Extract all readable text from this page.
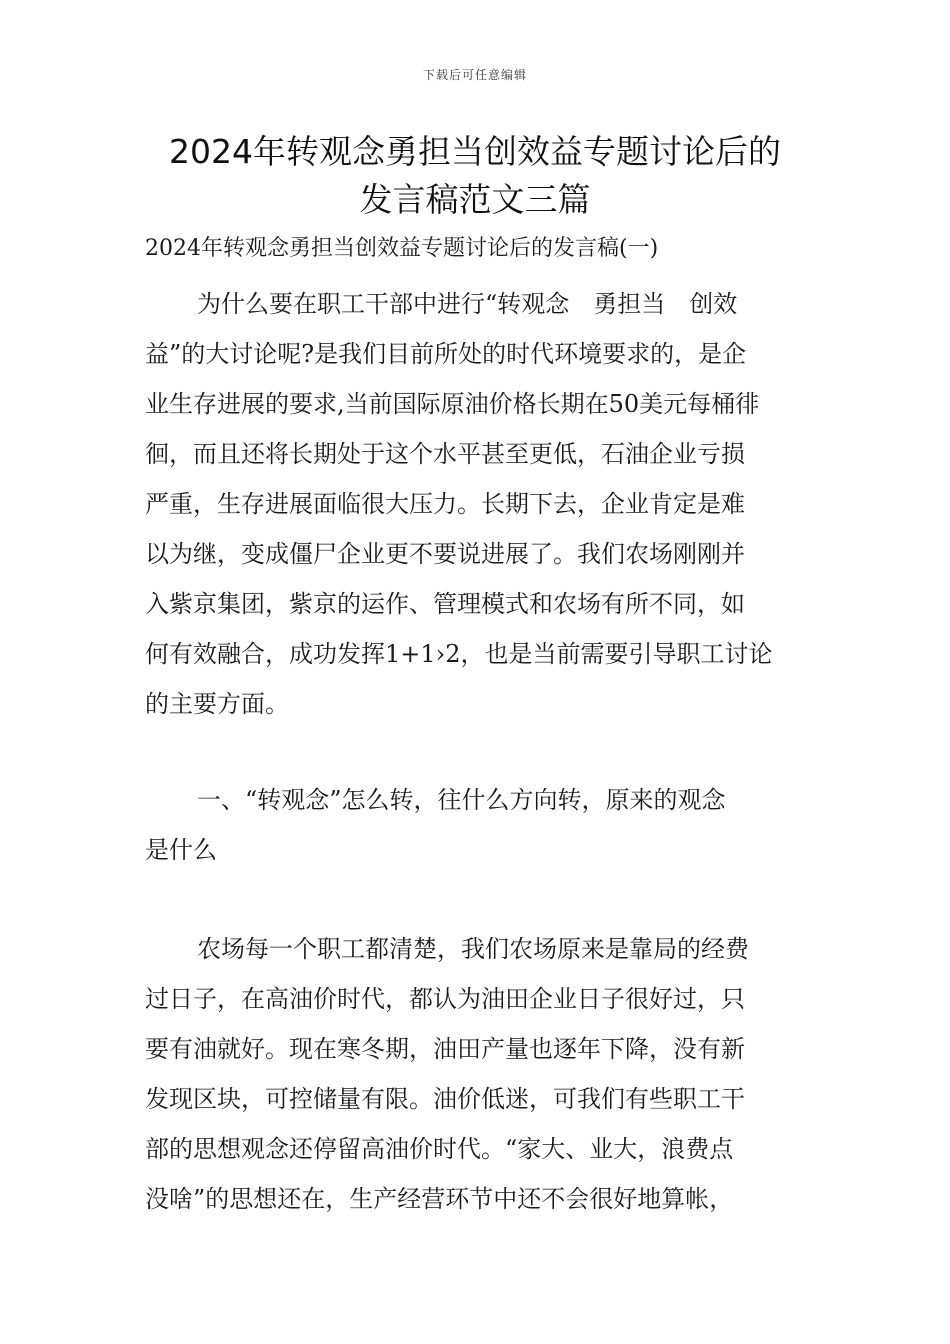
下载后可任意编辑
2024年转观念勇担当创效益专题讨论后的
发言稿范文三篇

2024年转观念勇担当创效益专题讨论后的发言稿(一)

为什么要在职工干部中进行“转观念　勇担当　创效
益”的大讨论呢?是我们目前所处的时代环境要求的，是企
业生存进展的要求,当前国际原油价格长期在50美元每桶徘
徊，而且还将长期处于这个水平甚至更低，石油企业亏损
严重，生存进展面临很大压力。长期下去，企业肯定是难
以为继，变成僵尸企业更不要说进展了。我们农场刚刚并
入紫京集团，紫京的运作、管理模式和农场有所不同，如
何有效融合，成功发挥1+1›2，也是当前需要引导职工讨论
的主要方面。
一、“转观念”怎么转，往什么方向转，原来的观念
是什么
农场每一个职工都清楚，我们农场原来是靠局的经费
过日子，在高油价时代，都认为油田企业日子很好过，只
要有油就好。现在寒冬期，油田产量也逐年下降，没有新
发现区块，可控储量有限。油价低迷，可我们有些职工干
部的思想观念还停留高油价时代。“家大、业大，浪费点
没啥”的思想还在，生产经营环节中还不会很好地算帐，
